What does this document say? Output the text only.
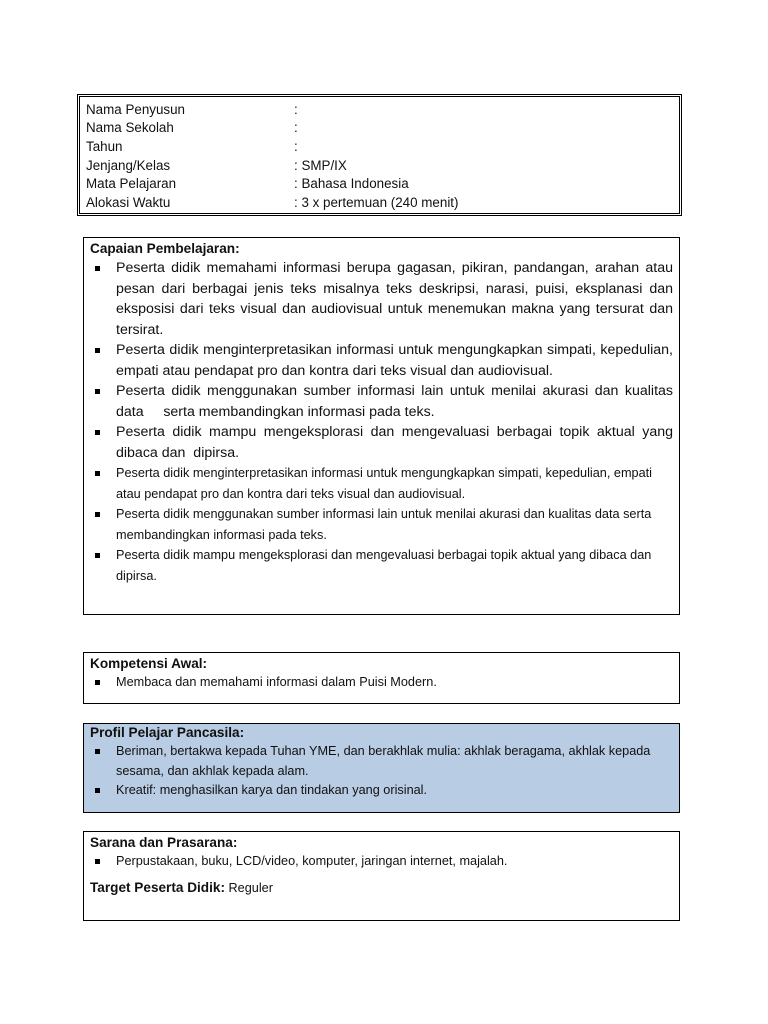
Nama Penyusun	:
Nama Sekolah	:
Tahun	:
Jenjang/Kelas	: SMP/IX
Mata Pelajaran	: Bahasa Indonesia
Alokasi Waktu	: 3 x pertemuan (240 menit)
Capaian Pembelajaran:
Peserta didik memahami informasi berupa gagasan, pikiran, pandangan, arahan atau pesan dari berbagai jenis teks misalnya teks deskripsi, narasi, puisi, eksplanasi dan eksposisi dari teks visual dan audiovisual untuk menemukan makna yang tersurat dan tersirat.
Peserta didik menginterpretasikan informasi untuk mengungkapkan simpati, kepedulian, empati atau pendapat pro dan kontra dari teks visual dan audiovisual.
Peserta didik menggunakan sumber informasi lain untuk menilai akurasi dan kualitas data     serta membandingkan informasi pada teks.
Peserta didik mampu mengeksplorasi dan mengevaluasi berbagai topik aktual yang dibaca dan  dipirsa.
Peserta didik menginterpretasikan informasi untuk mengungkapkan simpati, kepedulian, empati atau pendapat pro dan kontra dari teks visual dan audiovisual.
Peserta didik menggunakan sumber informasi lain untuk menilai akurasi dan kualitas data serta membandingkan informasi pada teks.
Peserta didik mampu mengeksplorasi dan mengevaluasi berbagai topik aktual yang dibaca dan dipirsa.
Kompetensi Awal:
Membaca dan memahami informasi dalam Puisi Modern.
Profil Pelajar Pancasila:
Beriman, bertakwa kepada Tuhan YME, dan berakhlak mulia: akhlak beragama, akhlak kepada sesama, dan akhlak kepada alam.
Kreatif: menghasilkan karya dan tindakan yang orisinal.
Sarana dan Prasarana:
Perpustakaan, buku, LCD/video, komputer, jaringan internet, majalah.
Target Peserta Didik: Reguler
